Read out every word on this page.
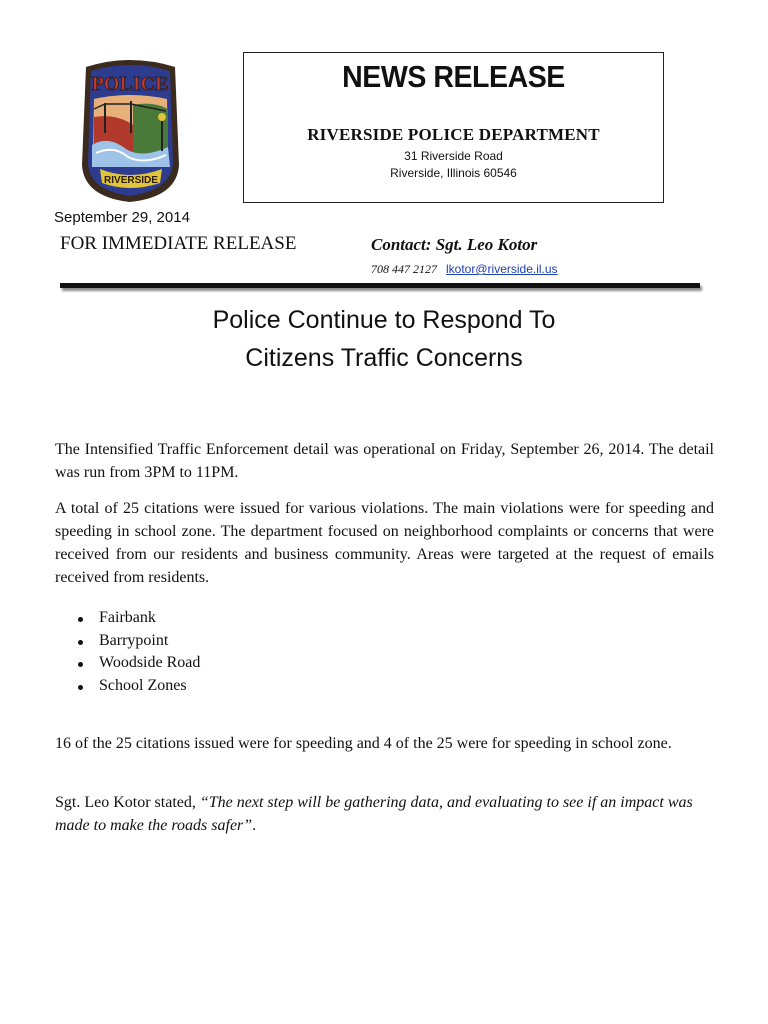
POLICE
RIVERSIDE
NEWS RELEASE
RIVERSIDE POLICE DEPARTMENT
31 Riverside Road
Riverside, Illinois 60546
September 29, 2014
FOR IMMEDIATE RELEASE	Contact: Sgt. Leo Kotor
708 447 2127 lkotor@riverside.il.us
Police Continue to Respond To
Citizens Traffic Concerns

The Intensified Traffic Enforcement detail was operational on Friday, September 26, 2014. The detail was run from 3PM to 11PM.

A total of 25 citations were issued for various violations. The main violations were for speeding and speeding in school zone. The department focused on neighborhood complaints or concerns that were received from our residents and business community. Areas were targeted at the request of emails received from residents.

Fairbank
Barrypoint
Woodside Road
School Zones

16 of the 25 citations issued were for speeding and 4 of the 25 were for speeding in school zone.

Sgt. Leo Kotor stated, “The next step will be gathering data, and evaluating to see if an impact was made to make the roads safer”.
